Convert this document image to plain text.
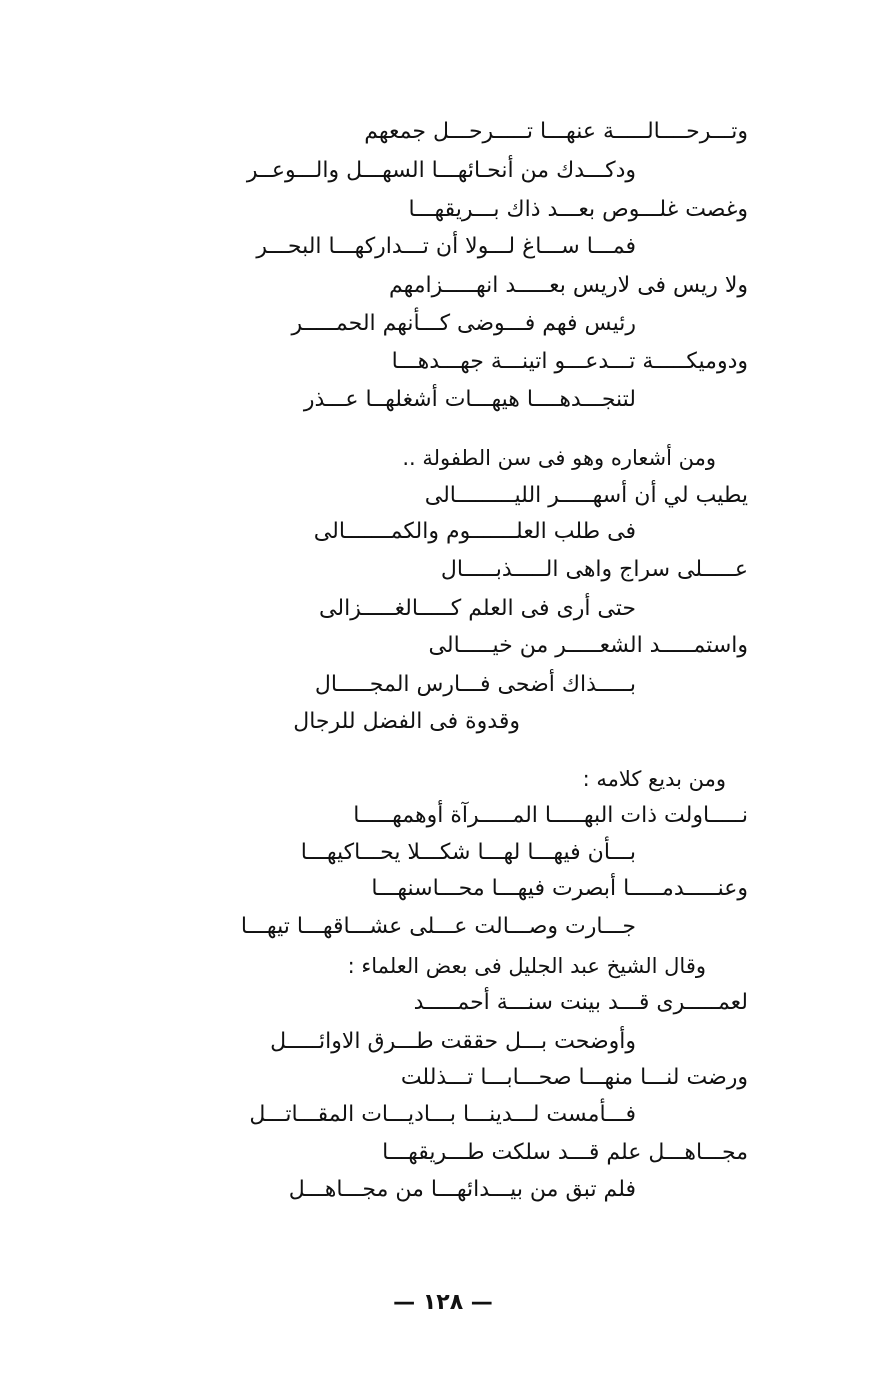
وتـــرحــــالـــــة عنهـــا تـــــرحـــل جمعهم
ودكـــدك من أنحـائهـــا السهـــل والـــوعــر
وغصت غلـــوص بعـــد ذاك بـــريقهـــا
فمـــا ســـاغ لـــولا أن تـــداركهـــا البحـــر
ولا ريس فى لاريس بعـــــد انهـــــزامهم
رئيس فهم فـــوضى كـــأنهم الحمـــــر
ودوميكـــــة تـــدعـــو اتينـــة جهـــدهـــا
لتنجـــدهــــا هيهـــات أشغلهــا عـــذر
ومن أشعاره وهو فى سن الطفولة ..
يطيب لي أن أسهـــــر الليـــــــــالى
فى طلب العلـــــــوم والكمـــــــالى
عـــــلى سراج واهى الـــــذبـــــال
حتى أرى فى العلم كـــــالغـــــزالى
واستمـــــد الشعـــــر من خيـــــالى
بـــــذاك أضحى فـــارس المجـــــال
وقدوة فى الفضل للرجال
ومن بديع كلامه :
نـــــاولت ذات البهـــــا المـــــرآة أوهمهـــــا
بـــأن فيهـــا لهـــا شكـــلا يحـــاكيهـــا
وعنـــــدمـــــا أبصرت فيهـــا محـــاسنهـــا
جـــارت وصـــالت عـــلى عشـــاقهـــا تيهـــا
وقال الشيخ عبد الجليل فى بعض العلماء :
لعمـــــرى قـــد بينت سنـــة أحمـــــد
وأوضحت بـــل حققت طـــرق الاوائـــــل
ورضت لنـــا منهـــا صحـــابـــا تـــذللت
فـــأمست لـــدينـــا بـــاديـــات المقـــاتـــل
مجـــاهـــل علم قـــد سلكت طـــريقهـــا
فلم تبق من بيـــدائهـــا من مجـــاهـــل
— ١٢٨ —
